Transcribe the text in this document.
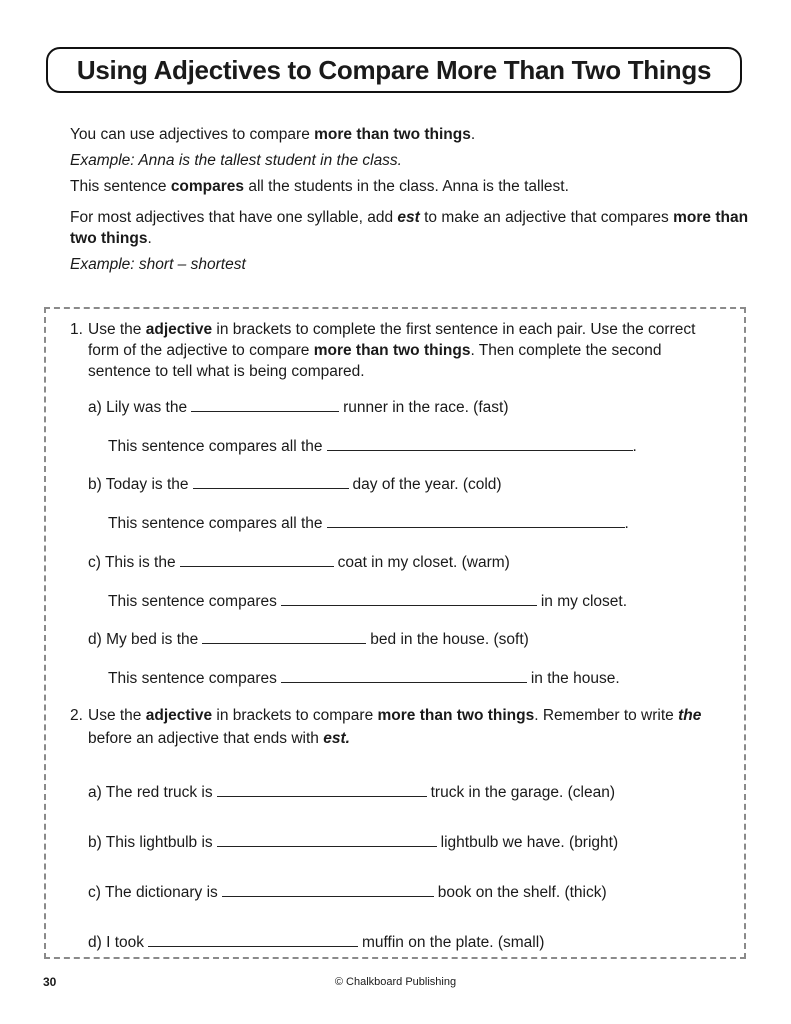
Using Adjectives to Compare More Than Two Things

You can use adjectives to compare more than two things.

Example: Anna is the tallest student in the class.

This sentence compares all the students in the class. Anna is the tallest.

For most adjectives that have one syllable, add est to make an adjective that compares more than two things.

Example: short – shortest

1. Use the adjective in brackets to complete the first sentence in each pair. Use the correct form of the adjective to compare more than two things. Then complete the second sentence to tell what is being compared.
a) Lily was the	runner in the race. (fast)
This sentence compares all the	.
b) Today is the	day of the year. (cold)
This sentence compares all the	.
c) This is the	coat in my closet. (warm)
This sentence compares	in my closet.
d) My bed is the	bed in the house. (soft)
This sentence compares	in the house.
2. Use the adjective in brackets to compare more than two things. Remember to write the before an adjective that ends with est.
a) The red truck is	truck in the garage. (clean)
b) This lightbulb is	lightbulb we have. (bright)
c) The dictionary is	book on the shelf. (thick)
d) I took	muffin on the plate. (small)
30	© Chalkboard Publishing
